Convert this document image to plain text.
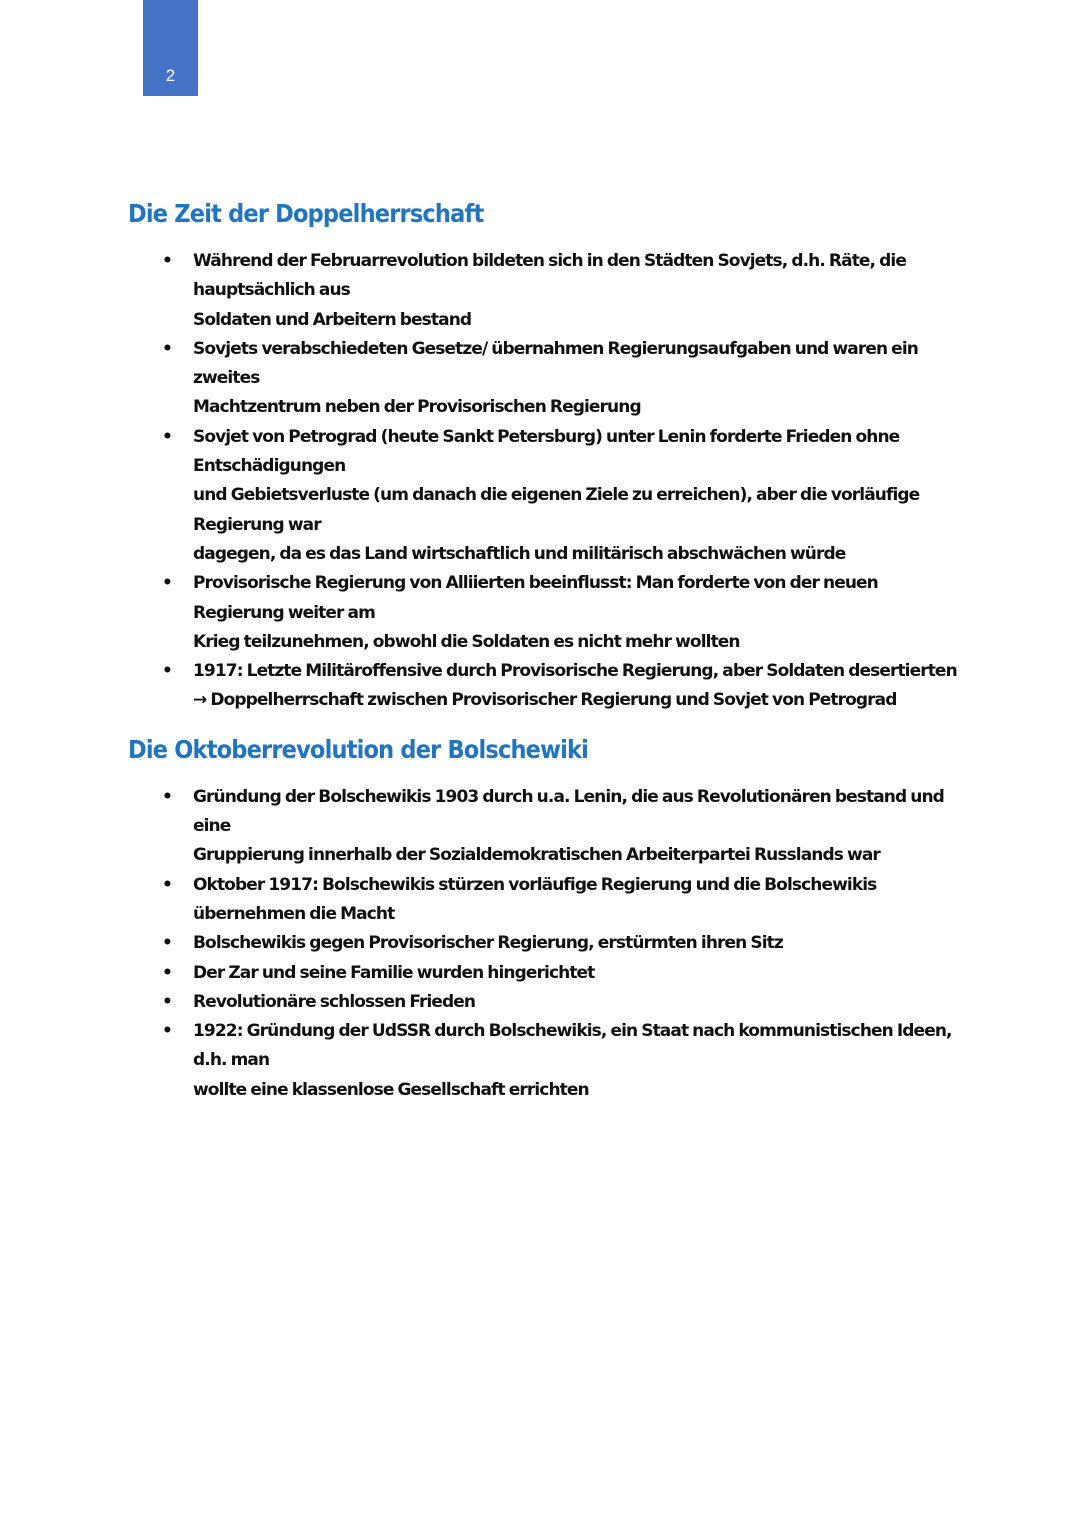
2
Die Zeit der Doppelherrschaft
• Während der Februarrevolution bildeten sich in den Städten Sovjets, d.h. Räte, die hauptsächlich aus
Soldaten und Arbeitern bestand
• Sovjets verabschiedeten Gesetze/ übernahmen Regierungsaufgaben und waren ein zweites
Machtzentrum neben der Provisorischen Regierung
• Sovjet von Petrograd (heute Sankt Petersburg) unter Lenin forderte Frieden ohne Entschädigungen
und Gebietsverluste (um danach die eigenen Ziele zu erreichen), aber die vorläufige Regierung war
dagegen, da es das Land wirtschaftlich und militärisch abschwächen würde
• Provisorische Regierung von Alliierten beeinflusst: Man forderte von der neuen Regierung weiter am
Krieg teilzunehmen, obwohl die Soldaten es nicht mehr wollten
• 1917: Letzte Militäroffensive durch Provisorische Regierung, aber Soldaten desertierten
→ Doppelherrschaft zwischen Provisorischer Regierung und Sovjet von Petrograd
Die Oktoberrevolution der Bolschewiki
• Gründung der Bolschewikis 1903 durch u.a. Lenin, die aus Revolutionären bestand und eine
Gruppierung innerhalb der Sozialdemokratischen Arbeiterpartei Russlands war
• Oktober 1917: Bolschewikis stürzen vorläufige Regierung und die Bolschewikis übernehmen die Macht
• Bolschewikis gegen Provisorischer Regierung, erstürmten ihren Sitz
• Der Zar und seine Familie wurden hingerichtet
• Revolutionäre schlossen Frieden
• 1922: Gründung der UdSSR durch Bolschewikis, ein Staat nach kommunistischen Ideen, d.h. man
wollte eine klassenlose Gesellschaft errichten
